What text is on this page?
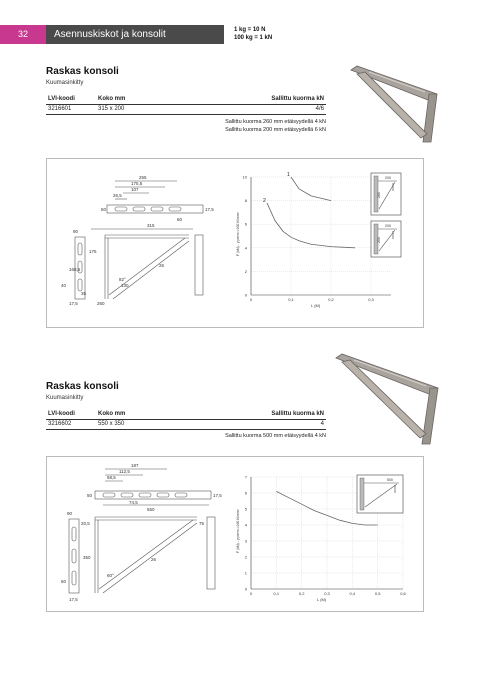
32	Asennuskiskot ja konsolit	1 kg = 10 N
100 kg = 1 kN
Raskas konsoli
Kuumasinkitty
LVI-koodi	Koko mm	Sallittu kuorma kN
3216601	315 x 200	4/6
Sallittu kuorma 260 mm etäisyydellä 4 kN
Sallittu kuorma 200 mm etäisyydellä 6 kN
255
175,5
107
26,5
50	17,5
60
315
90
175
168,5
40
35
17,5	260
82°
130
26
0
2
4
6
8
10
0	0,1	0,2	0,3
L (M)
F (kN) - γ perm.=160 N/mm²
1
2
200
260
200
200
Raskas konsoli
Kuumasinkitty
LVI-koodi	Koko mm	Sallittu kuorma kN
3216602	550 x 350	4
Sallittu kuorma 500 mm etäisyydellä 4 kN
187
112,5
58,5
50	17,5
74,5
550
90
20,5	75
350
60
17,5
60°
26
0
1
2
3
4
5
6
7
0	0,1	0,2	0,3	0,4	0,5	0,6
L (M)
F (kN) - γ perm.=160 N/mm²
500
